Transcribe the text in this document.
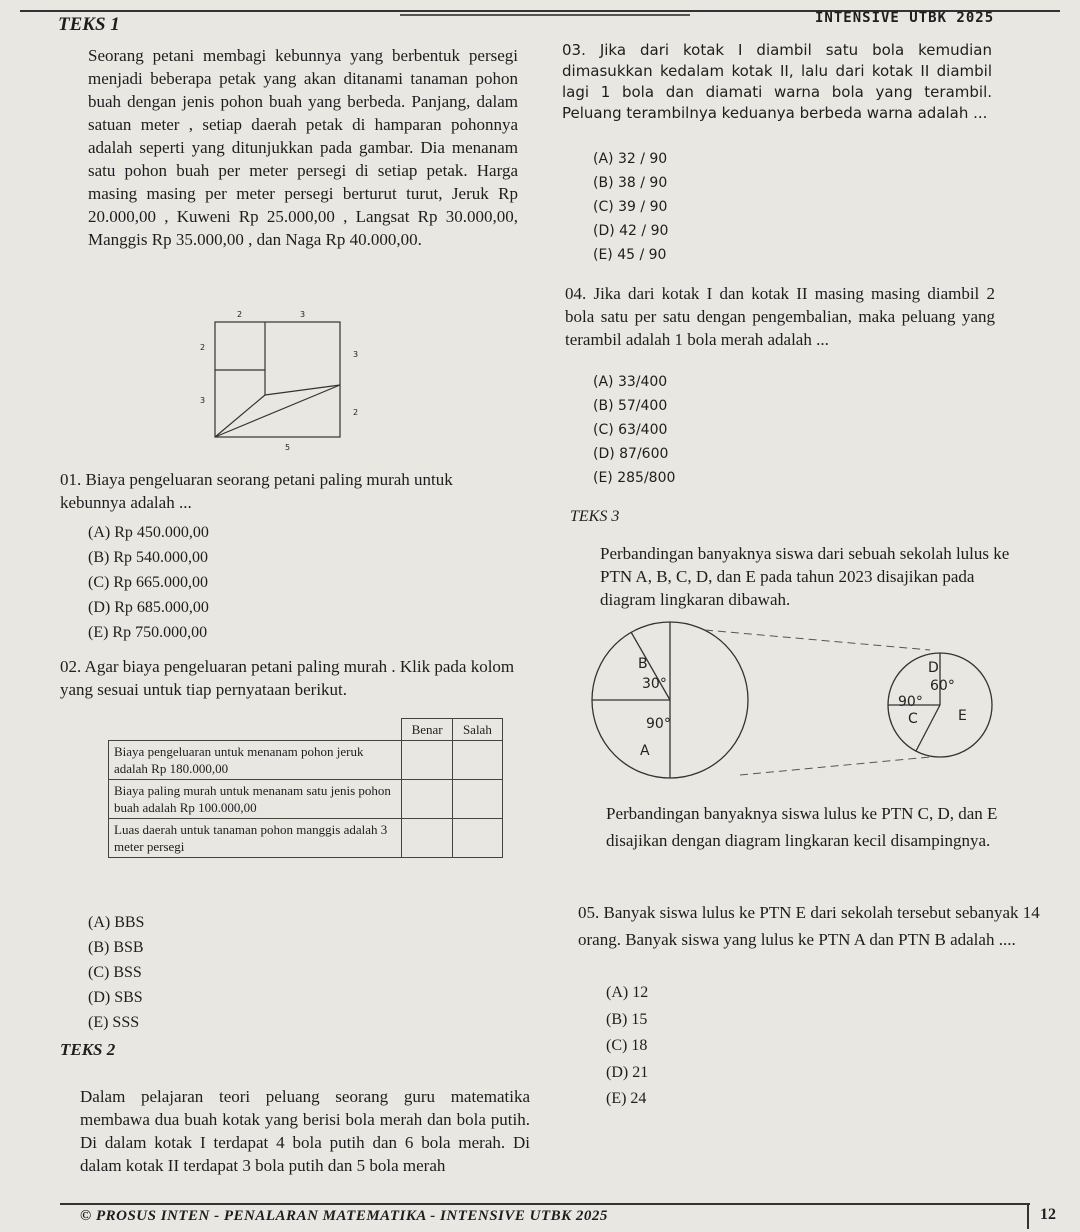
TEKS 1	INTENSIVE UTBK 2025

Seorang petani membagi kebunnya yang berbentuk persegi menjadi beberapa petak yang akan ditanami tanaman pohon buah dengan jenis pohon buah yang berbeda. Panjang, dalam satuan meter , setiap daerah petak di hamparan pohonnya adalah seperti yang ditunjukkan pada gambar. Dia menanam satu pohon buah per meter persegi di setiap petak. Harga masing masing per meter persegi berturut turut, Jeruk Rp 20.000,00 , Kuweni Rp 25.000,00 , Langsat Rp 30.000,00, Manggis Rp 35.000,00 , dan Naga Rp 40.000,00.

2	3
2
3
3
2
5
01. Biaya pengeluaran seorang petani paling murah untuk kebunnya adalah ...
(A) Rp 450.000,00
(B) Rp 540.000,00
(C) Rp 665.000,00
(D) Rp 685.000,00
(E) Rp 750.000,00
02. Agar biaya pengeluaran petani paling murah . Klik pada kolom yang sesuai untuk tiap pernyataan berikut.
	Benar	Salah
Biaya pengeluaran untuk menanam pohon jeruk adalah Rp 180.000,00		
Biaya paling murah untuk menanam satu jenis pohon buah adalah Rp 100.000,00		
Luas daerah untuk tanaman pohon manggis adalah 3 meter persegi		
(A) BBS
(B) BSB
(C) BSS
(D) SBS
(E) SSS
TEKS 2

Dalam pelajaran teori peluang seorang guru matematika membawa dua buah kotak yang berisi bola merah dan bola putih. Di dalam kotak I terdapat 4 bola putih dan 6 bola merah. Di dalam kotak II terdapat 3 bola putih dan 5 bola merah

03. Jika dari kotak I diambil satu bola kemudian dimasukkan kedalam kotak II, lalu dari kotak II diambil lagi 1 bola dan diamati warna bola yang terambil. Peluang terambilnya keduanya berbeda warna adalah ...
(A) 32 / 90
(B) 38 / 90
(C) 39 / 90
(D) 42 / 90
(E) 45 / 90
04. Jika dari kotak I dan kotak II masing masing diambil 2 bola satu per satu dengan pengembalian, maka peluang yang terambil adalah 1 bola merah adalah ...
(A) 33/400
(B) 57/400
(C) 63/400
(D) 87/600
(E) 285/800
TEKS 3
Perbandingan banyaknya siswa dari sebuah sekolah lulus ke PTN A, B, C, D, dan E pada tahun 2023 disajikan pada diagram lingkaran dibawah.
B
30°
90°
A
D
60°
90°
C	E
Perbandingan banyaknya siswa lulus ke PTN C, D, dan E disajikan dengan diagram lingkaran kecil disampingnya.
05. Banyak siswa lulus ke PTN E dari sekolah tersebut sebanyak 14 orang. Banyak siswa yang lulus ke PTN A dan PTN B adalah ....
(A) 12
(B) 15
(C) 18
(D) 21
(E) 24
© PROSUS INTEN - PENALARAN MATEMATIKA - INTENSIVE UTBK 2025	12
